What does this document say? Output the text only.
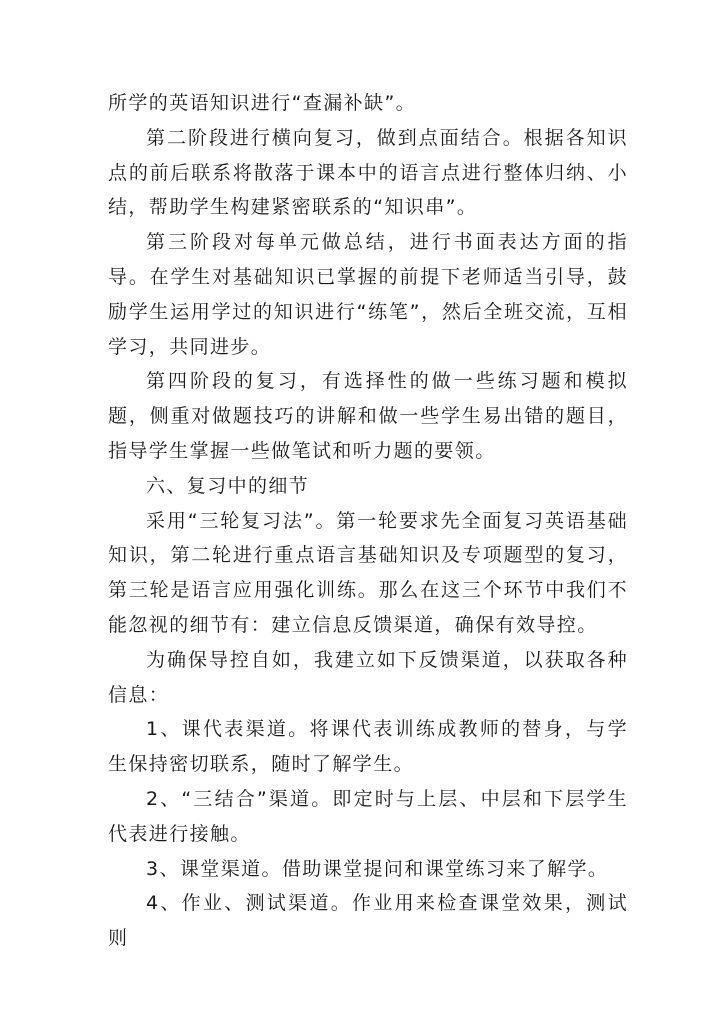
所学的英语知识进行“查漏补缺”。

第二阶段进行横向复习，做到点面结合。根据各知识点的前后联系将散落于课本中的语言点进行整体归纳、小结，帮助学生构建紧密联系的“知识串”。

第三阶段对每单元做总结，进行书面表达方面的指导。在学生对基础知识已掌握的前提下老师适当引导，鼓励学生运用学过的知识进行“练笔”，然后全班交流，互相学习，共同进步。

第四阶段的复习，有选择性的做一些练习题和模拟题，侧重对做题技巧的讲解和做一些学生易出错的题目，指导学生掌握一些做笔试和听力题的要领。

六、复习中的细节

采用“三轮复习法”。第一轮要求先全面复习英语基础知识，第二轮进行重点语言基础知识及专项题型的复习，第三轮是语言应用强化训练。那么在这三个环节中我们不能忽视的细节有：建立信息反馈渠道，确保有效导控。

为确保导控自如，我建立如下反馈渠道，以获取各种信息：

1、课代表渠道。将课代表训练成教师的替身，与学生保持密切联系，随时了解学生。

2、“三结合”渠道。即定时与上层、中层和下层学生代表进行接触。

3、课堂渠道。借助课堂提问和课堂练习来了解学。

4、作业、测试渠道。作业用来检查课堂效果，测试则
